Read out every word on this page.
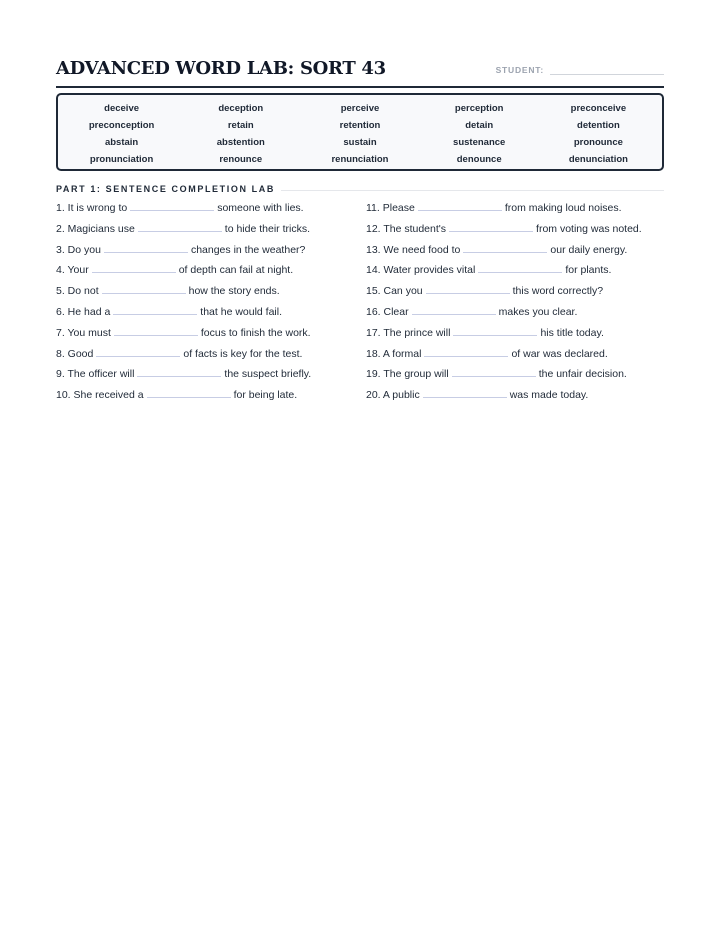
ADVANCED WORD LAB: SORT 43	STUDENT:
deceive	deception	perceive	perception	preconceive
preconception	retain	retention	detain	detention
abstain	abstention	sustain	sustenance	pronounce
pronunciation	renounce	renunciation	denounce	denunciation
PART 1: SENTENCE COMPLETION LAB
1. It is wrong to	someone with lies.
2. Magicians use	to hide their tricks.
3. Do you	changes in the weather?
4. Your	of depth can fail at night.
5. Do not	how the story ends.
6. He had a	that he would fail.
7. You must	focus to finish the work.
8. Good	of facts is key for the test.
9. The officer will	the suspect briefly.
10. She received a	for being late.
11. Please	from making loud noises.
12. The student's	from voting was noted.
13. We need food to	our daily energy.
14. Water provides vital	for plants.
15. Can you	this word correctly?
16. Clear	makes you clear.
17. The prince will	his title today.
18. A formal	of war was declared.
19. The group will	the unfair decision.
20. A public	was made today.
